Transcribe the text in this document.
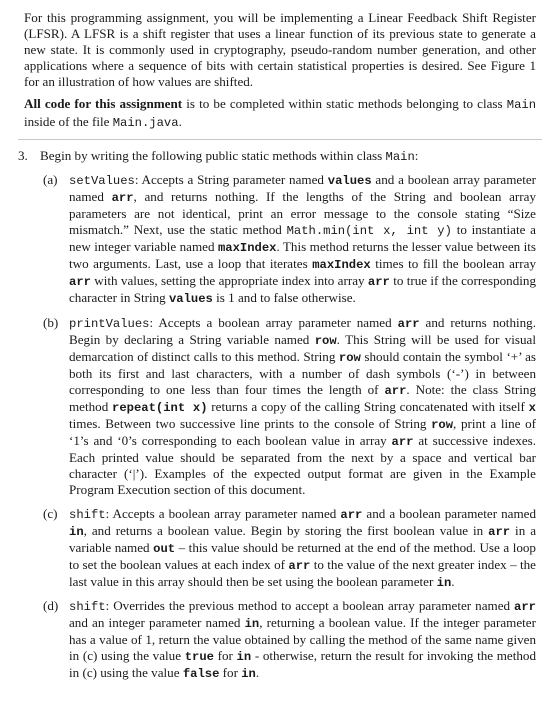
For this programming assignment, you will be implementing a Linear Feedback Shift Register (LFSR). A LFSR is a shift register that uses a linear function of its previous state to generate a new state. It is commonly used in cryptography, pseudo-random number generation, and other applications where a sequence of bits with certain statistical properties is desired. See Figure 1 for an illustration of how values are shifted.

All code for this assignment is to be completed within static methods belonging to class Main inside of the file Main.java.

3. Begin by writing the following public static methods within class Main:

(a) setValues: Accepts a String parameter named values and a boolean array parameter named arr, and returns nothing. If the lengths of the String and boolean array parameters are not identical, print an error message to the console stating “Size mismatch.” Next, use the static method Math.min(int x, int y) to instantiate a new integer variable named maxIndex. This method returns the lesser value between its two arguments. Last, use a loop that iterates maxIndex times to fill the boolean array arr with values, setting the appropriate index into array arr to true if the corresponding character in String values is 1 and to false otherwise.

(b) printValues: Accepts a boolean array parameter named arr and returns nothing. Begin by declaring a String variable named row. This String will be used for visual demarcation of distinct calls to this method. String row should contain the symbol ‘+’ as both its first and last characters, with a number of dash symbols (‘-’) in between corresponding to one less than four times the length of arr. Note: the class String method repeat(int x) returns a copy of the calling String concatenated with itself x times. Between two successive line prints to the console of String row, print a line of ‘1’s and ‘0’s corresponding to each boolean value in array arr at successive indexes. Each printed value should be separated from the next by a space and vertical bar character (‘|’). Examples of the expected output format are given in the Example Program Execution section of this document.

(c) shift: Accepts a boolean array parameter named arr and a boolean parameter named in, and returns a boolean value. Begin by storing the first boolean value in arr in a variable named out – this value should be returned at the end of the method. Use a loop to set the boolean values at each index of arr to the value of the next greater index – the last value in this array should then be set using the boolean parameter in.

(d) shift: Overrides the previous method to accept a boolean array parameter named arr and an integer parameter named in, returning a boolean value. If the integer parameter has a value of 1, return the value obtained by calling the method of the same name given in (c) using the value true for in - otherwise, return the result for invoking the method in (c) using the value false for in.
